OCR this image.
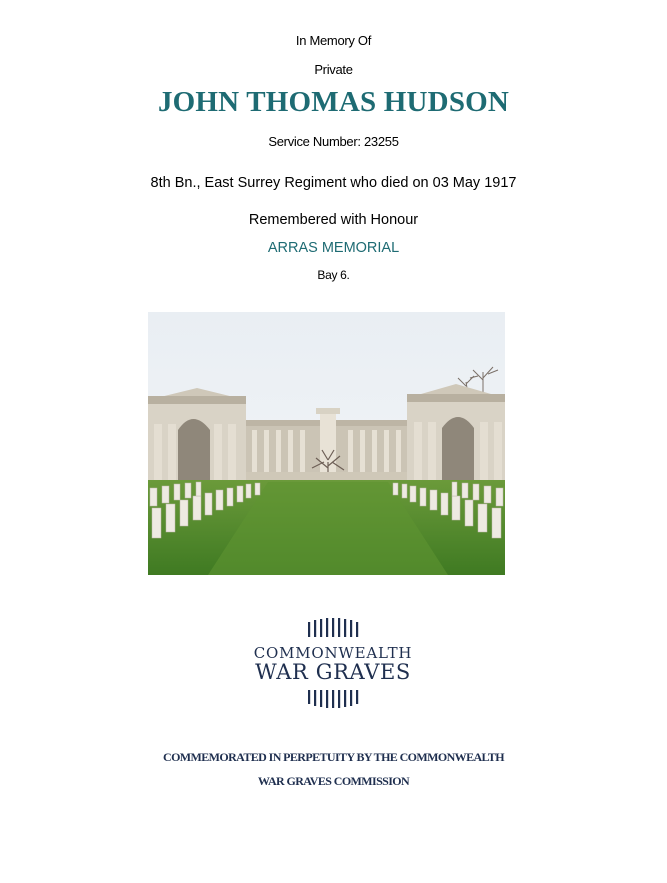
In Memory Of
Private
JOHN THOMAS HUDSON
Service Number: 23255
8th Bn., East Surrey Regiment who died on 03 May 1917
Remembered with Honour
ARRAS MEMORIAL
Bay 6.
COMMONWEALTH
WAR GRAVES
COMMEMORATED IN PERPETUITY BY THE COMMONWEALTH
WAR GRAVES COMMISSION
